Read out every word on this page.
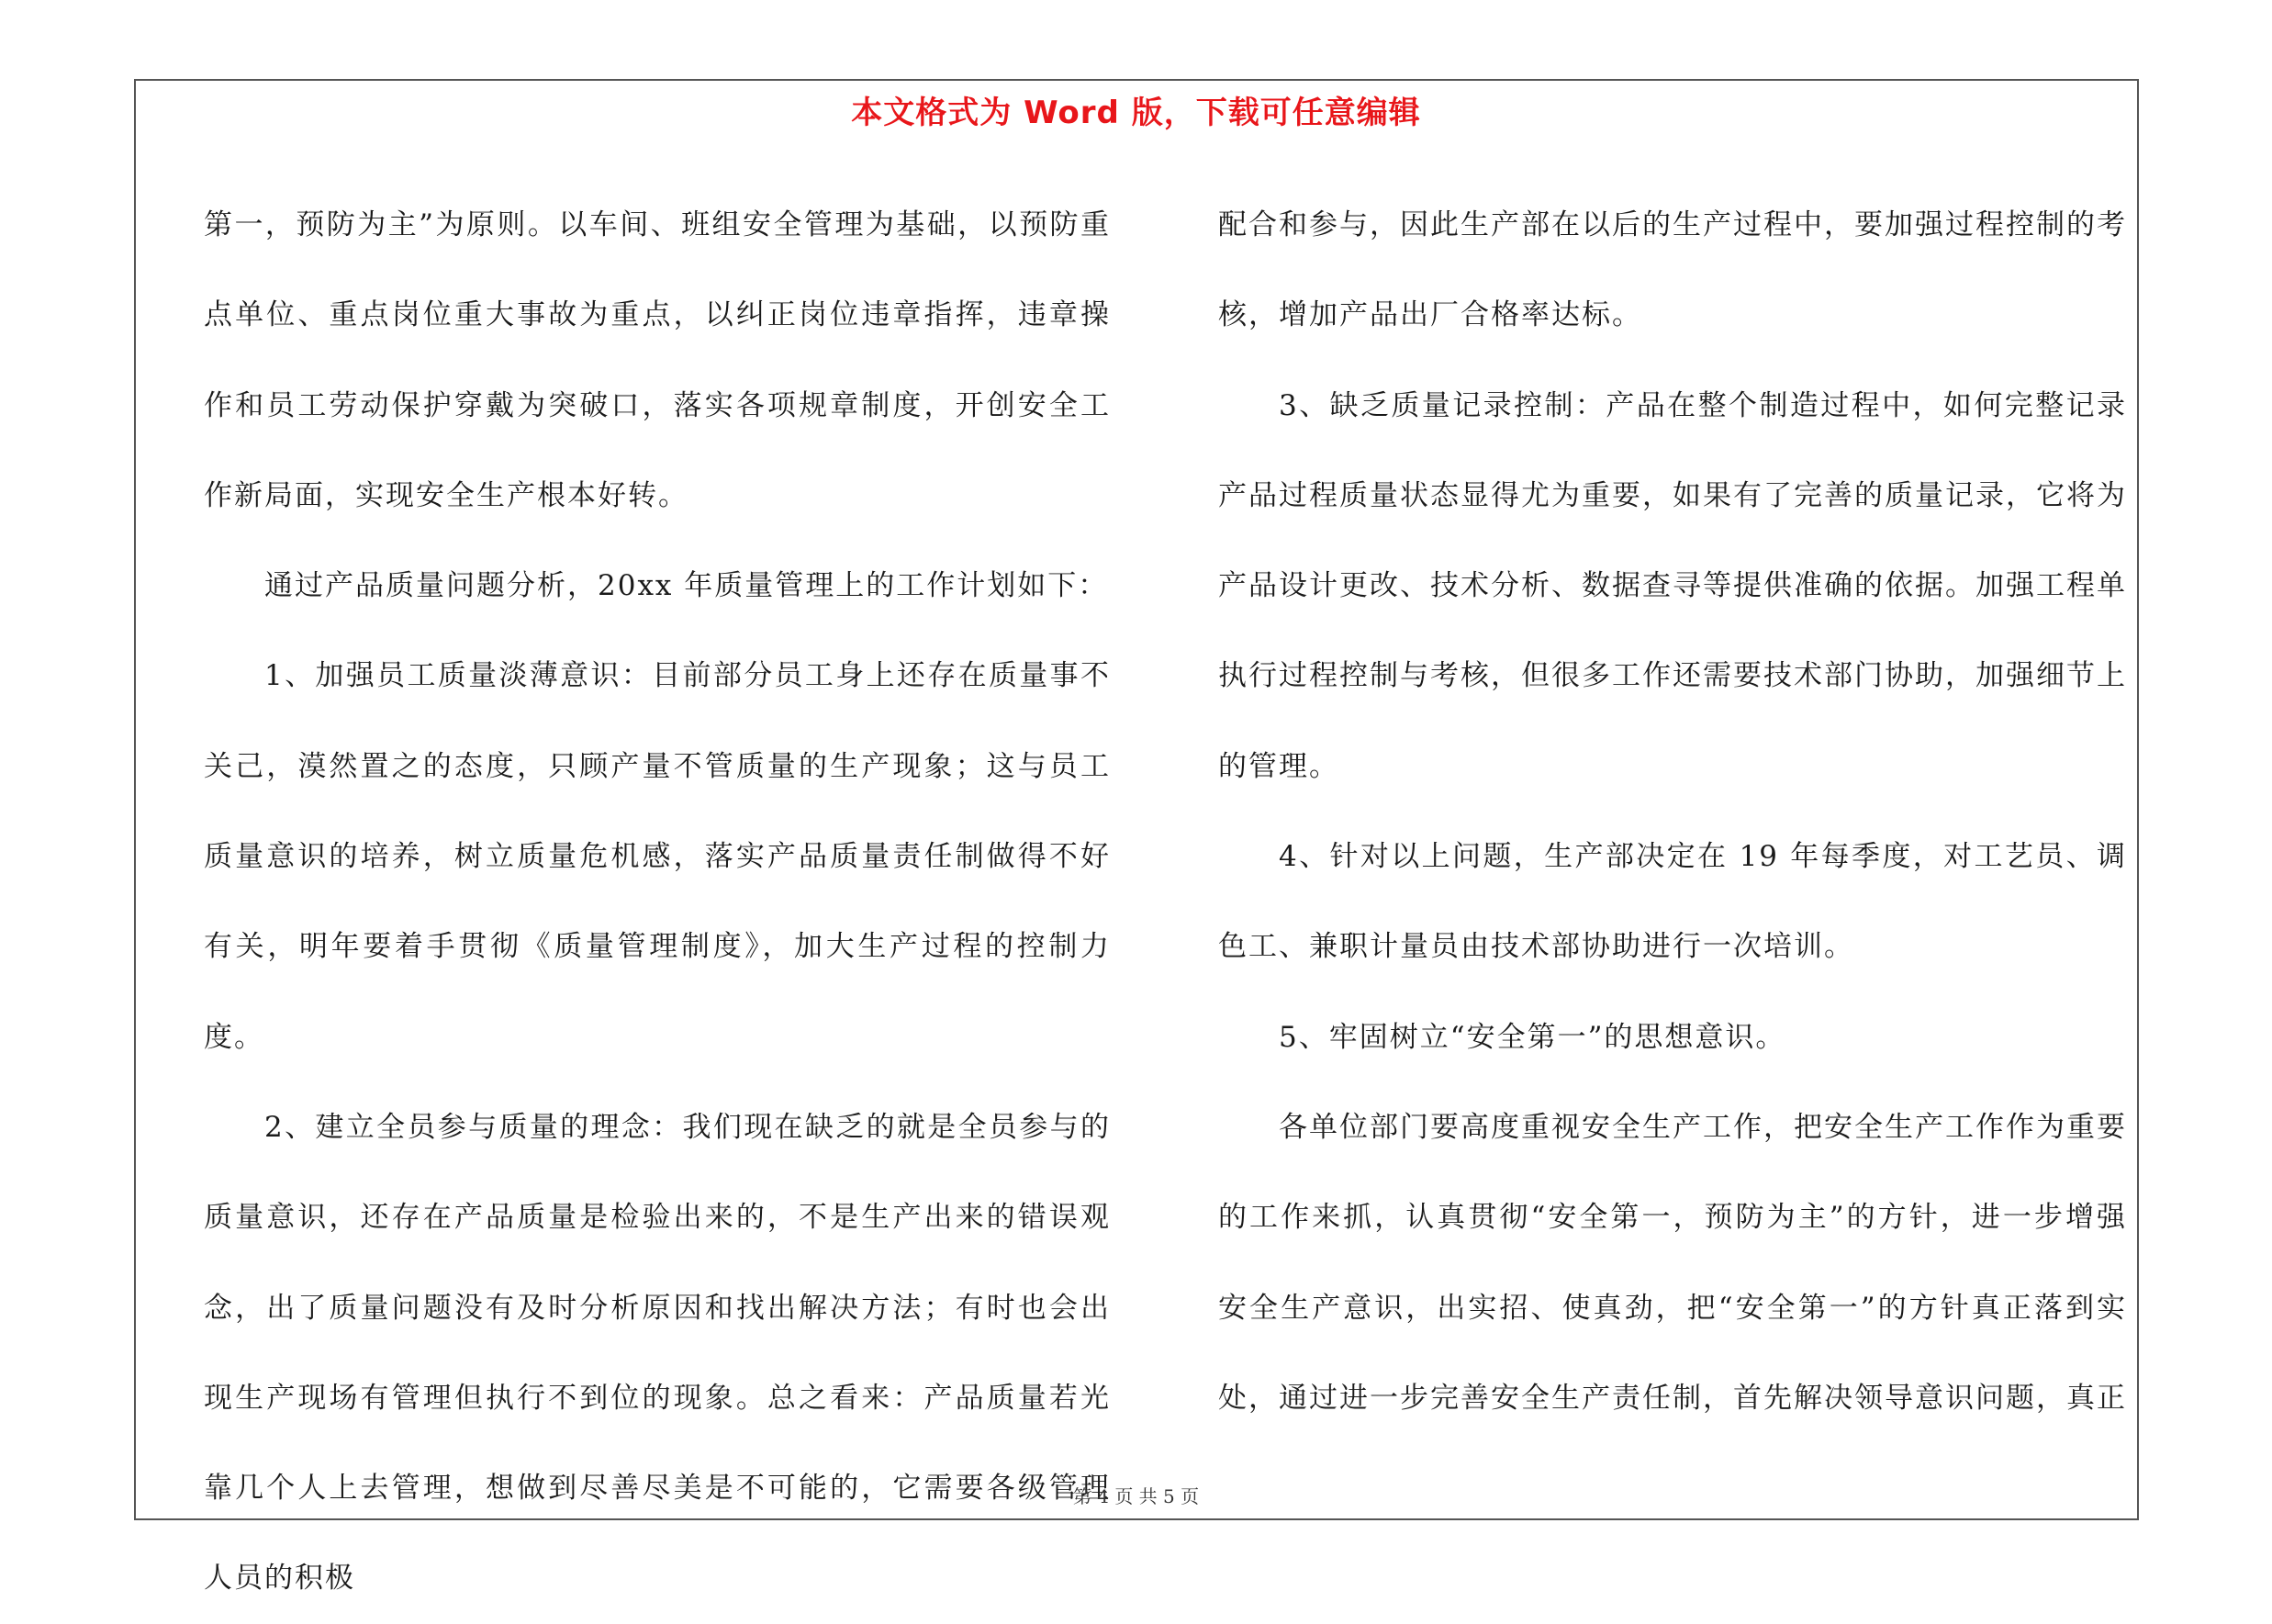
本文格式为 Word 版，下载可任意编辑

第一，预防为主”为原则。以车间、班组安全管理为基础，以预防重点单位、重点岗位重大事故为重点，以纠正岗位违章指挥，违章操作和员工劳动保护穿戴为突破口，落实各项规章制度，开创安全工作新局面，实现安全生产根本好转。

通过产品质量问题分析，20xx 年质量管理上的工作计划如下：

1、加强员工质量淡薄意识：目前部分员工身上还存在质量事不关己，漠然置之的态度，只顾产量不管质量的生产现象；这与员工质量意识的培养，树立质量危机感，落实产品质量责任制做得不好有关，明年要着手贯彻《质量管理制度》，加大生产过程的控制力度。

2、建立全员参与质量的理念：我们现在缺乏的就是全员参与的质量意识，还存在产品质量是检验出来的，不是生产出来的错误观念，出了质量问题没有及时分析原因和找出解决方法；有时也会出现生产现场有管理但执行不到位的现象。总之看来：产品质量若光靠几个人上去管理，想做到尽善尽美是不可能的，它需要各级管理人员的积极

配合和参与，因此生产部在以后的生产过程中，要加强过程控制的考核，增加产品出厂合格率达标。

3、缺乏质量记录控制：产品在整个制造过程中，如何完整记录产品过程质量状态显得尤为重要，如果有了完善的质量记录，它将为产品设计更改、技术分析、数据查寻等提供准确的依据。加强工程单执行过程控制与考核，但很多工作还需要技术部门协助，加强细节上的管理。

4、针对以上问题，生产部决定在 19 年每季度，对工艺员、调色工、兼职计量员由技术部协助进行一次培训。

5、牢固树立“安全第一”的思想意识。

各单位部门要高度重视安全生产工作，把安全生产工作作为重要的工作来抓，认真贯彻“安全第一，预防为主”的方针，进一步增强安全生产意识，出实招、使真劲，把“安全第一”的方针真正落到实处，通过进一步完善安全生产责任制，首先解决领导意识问题，真正

第 4 页 共 5 页
